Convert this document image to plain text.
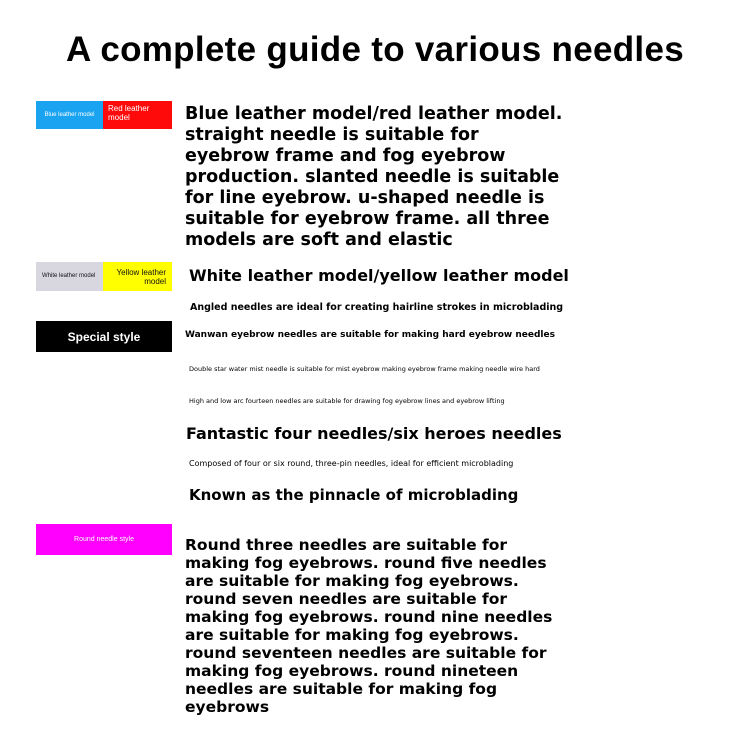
A complete guide to various needles
Blue leather model
Red leather model	Blue leather model/red leather model. straight needle is suitable for eyebrow frame and fog eyebrow production. slanted needle is suitable for line eyebrow. u-shaped needle is suitable for eyebrow frame. all three models are soft and elastic
White leather model	Yellow leather model	White leather model/yellow leather model
Angled needles are ideal for creating hairline strokes in microblading
Special style	Wanwan eyebrow needles are suitable for making hard eyebrow needles
Double star water mist needle is suitable for mist eyebrow making eyebrow frame making needle wire hard
High and low arc fourteen needles are suitable for drawing fog eyebrow lines and eyebrow lifting
Fantastic four needles/six heroes needles
Composed of four or six round, three-pin needles, ideal for efficient microblading
Known as the pinnacle of microblading
Round needle style	Round three needles are suitable for making fog eyebrows. round five needles are suitable for making fog eyebrows. round seven needles are suitable for making fog eyebrows. round nine needles are suitable for making fog eyebrows. round seventeen needles are suitable for making fog eyebrows. round nineteen needles are suitable for making fog eyebrows
